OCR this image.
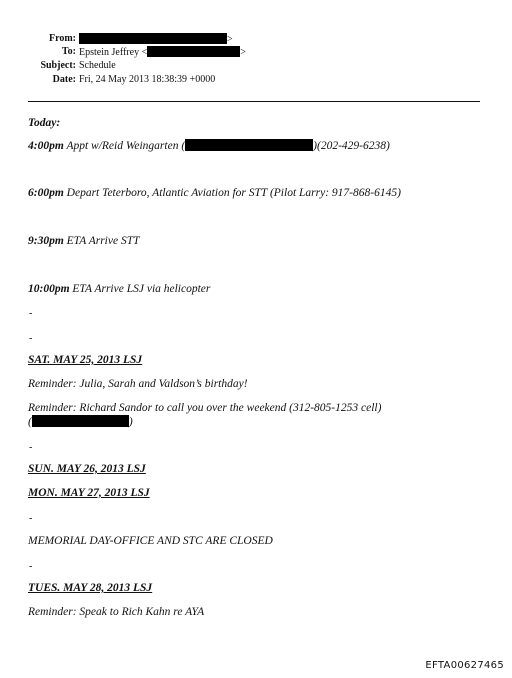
From:	>
To: Epstein Jeffrey <	>
Subject: Schedule
Date: Fri, 24 May 2013 18:38:39 +0000
Today:
4:00pm Appt w/Reid Weingarten (	)(202-429-6238)
6:00pm Depart Teterboro, Atlantic Aviation for STT (Pilot Larry: 917-868-6145)
9:30pm ETA Arrive STT
10:00pm ETA Arrive LSJ via helicopter
-
-
SAT. MAY 25, 2013 LSJ
Reminder: Julia, Sarah and Valdson’s birthday!
Reminder: Richard Sandor to call you over the weekend (312-805-1253 cell)
(	)
-
SUN. MAY 26, 2013 LSJ
MON. MAY 27, 2013 LSJ
-
MEMORIAL DAY-OFFICE AND STC ARE CLOSED
-
TUES. MAY 28, 2013 LSJ
Reminder: Speak to Rich Kahn re AYA
EFTA00627465
